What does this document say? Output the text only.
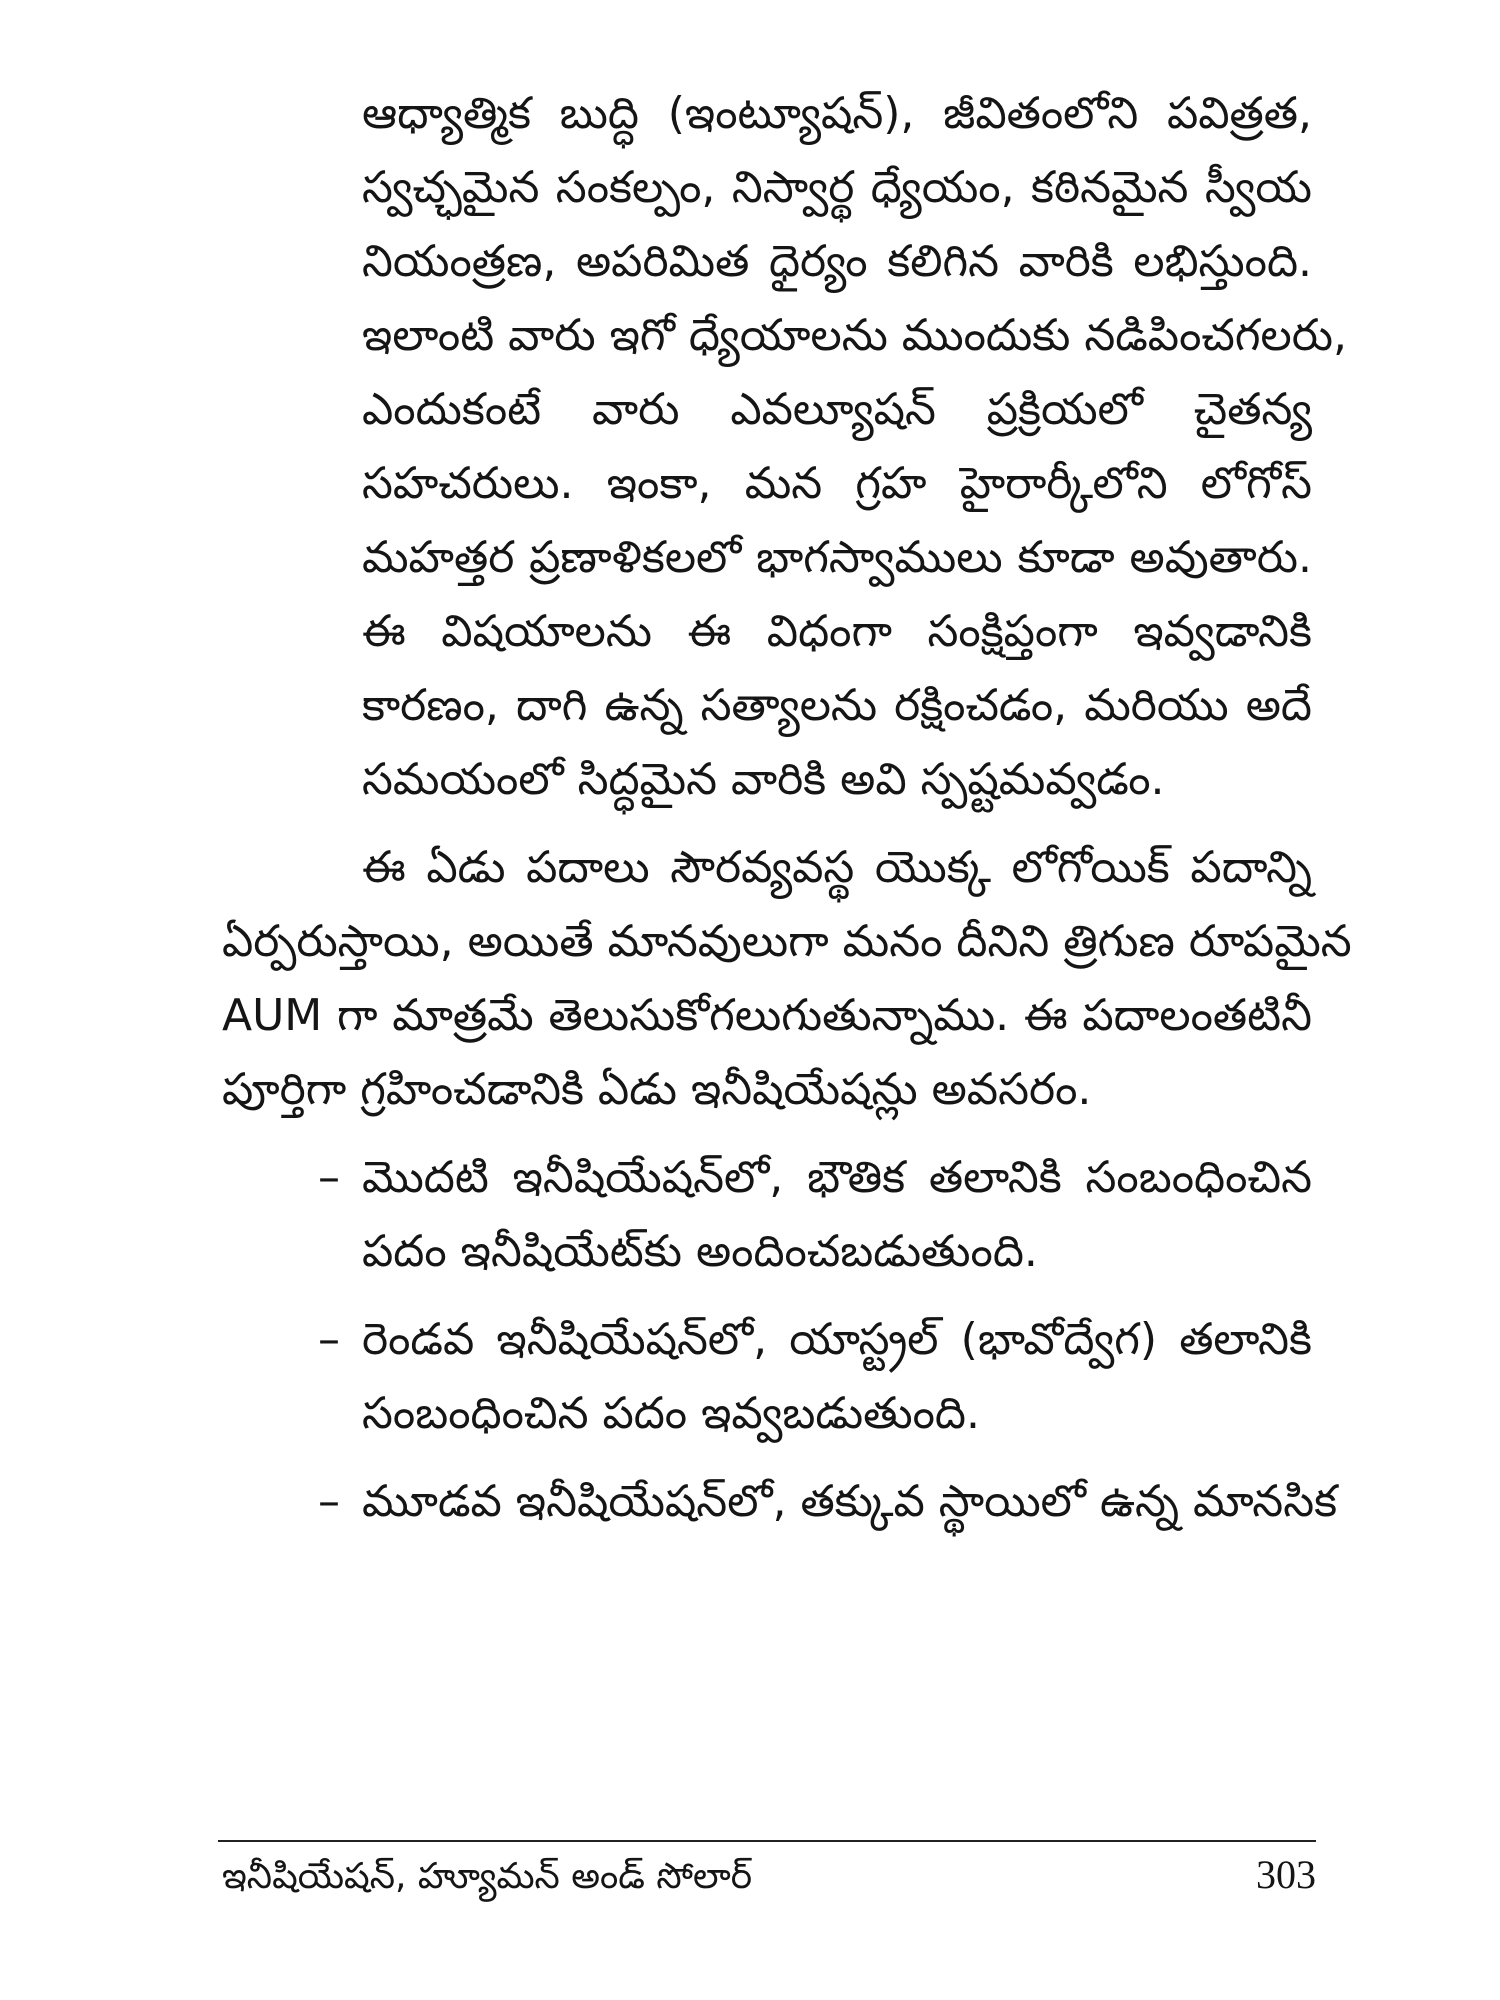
ఆధ్యాత్మిక బుద్ధి (ఇంట్యూషన్), జీవితంలోని పవిత్రత,
స్వచ్ఛమైన సంకల్పం, నిస్వార్థ ధ్యేయం, కఠినమైన స్వీయ
నియంత్రణ, అపరిమిత ధైర్యం కలిగిన వారికి లభిస్తుంది.
ఇలాంటి వారు ఇగో ధ్యేయాలను ముందుకు నడిపించగలరు,
ఎందుకంటే వారు ఎవల్యూషన్ ప్రక్రియలో చైతన్య
సహచరులు. ఇంకా, మన గ్రహ హైరార్కీలోని లోగోస్
మహత్తర ప్రణాళికలలో భాగస్వాములు కూడా అవుతారు.
ఈ విషయాలను ఈ విధంగా సంక్షిప్తంగా ఇవ్వడానికి
కారణం, దాగి ఉన్న సత్యాలను రక్షించడం, మరియు అదే
సమయంలో సిద్ధమైన వారికి అవి స్పష్టమవ్వడం.
ఈ ఏడు పదాలు సౌరవ్యవస్థ యొక్క లోగోయిక్ పదాన్ని
ఏర్పరుస్తాయి, అయితే మానవులుగా మనం దీనిని త్రిగుణ రూపమైన
AUM గా మాత్రమే తెలుసుకోగలుగుతున్నాము. ఈ పదాలంతటినీ
పూర్తిగా గ్రహించడానికి ఏడు ఇనీషియేషన్లు అవసరం.
– మొదటి ఇనీషియేషన్‌లో, భౌతిక తలానికి సంబంధించిన
పదం ఇనీషియేట్‌కు అందించబడుతుంది.
– రెండవ ఇనీషియేషన్‌లో, యాస్ట్రల్ (భావోద్వేగ) తలానికి
సంబంధించిన పదం ఇవ్వబడుతుంది.
– మూడవ ఇనీషియేషన్‌లో, తక్కువ స్థాయిలో ఉన్న మానసిక
ఇనీషియేషన్, హ్యూమన్ అండ్ సోలార్	303
